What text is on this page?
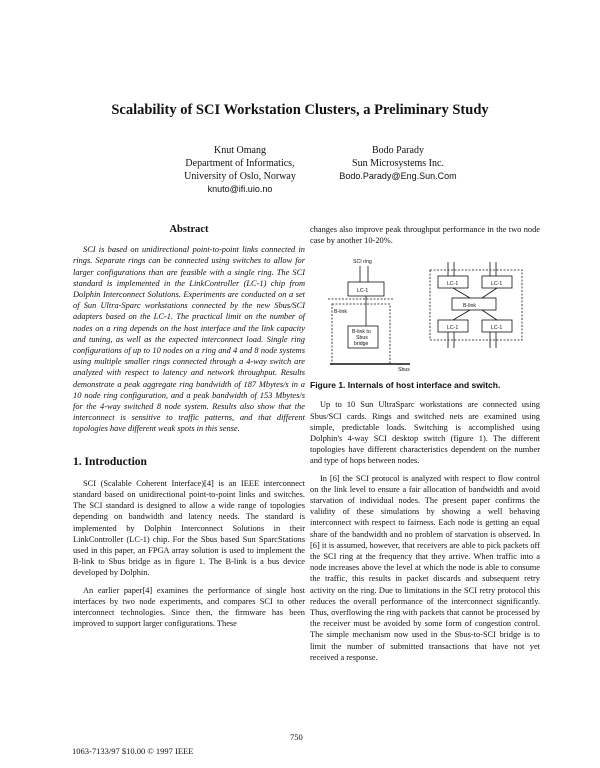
Scalability of SCI Workstation Clusters, a Preliminary Study
Knut Omang
Department of Informatics,
University of Oslo, Norway
knuto@ifi.uio.no
Bodo Parady
Sun Microsystems Inc.
Bodo.Parady@Eng.Sun.Com
Abstract

SCI is based on unidirectional point-to-point links connected in rings. Separate rings can be connected using switches to allow for larger configurations than are feasible with a single ring. The SCI standard is implemented in the LinkController (LC-1) chip from Dolphin Interconnect Solutions. Experiments are conducted on a set of Sun Ultra-Sparc workstations connected by the new Sbus/SCI adapters based on the LC-1. The practical limit on the number of nodes on a ring depends on the host interface and the link capacity and tuning, as well as the expected interconnect load. Single ring configurations of up to 10 nodes on a ring and 4 and 8 node systems using multiple smaller rings connected through a 4-way switch are analyzed with respect to latency and network throughput. Results demonstrate a peak aggregate ring bandwidth of 187 Mbytes/s in a 10 node ring configuration, and a peak bandwidth of 153 Mbytes/s for the 4-way switched 8 node system. Results also show that the interconnect is sensitive to traffic patterns, and that different topologies have different weak spots in this sense.

1. Introduction

SCI (Scalable Coherent Interface)[4] is an IEEE interconnect standard based on unidirectional point-to-point links and switches. The SCI standard is designed to allow a wide range of topologies depending on bandwidth and latency needs. The standard is implemented by Dolphin Interconnect Solutions in their LinkController (LC-1) chip. For the Sbus based Sun SparcStations used in this paper, an FPGA array solution is used to implement the B-link to Sbus bridge as in figure 1. The B-link is a bus device developed by Dolphin.

An earlier paper[4] examines the performance of single host interfaces by two node experiments, and compares SCI to other interconnect technologies. Since then, the firmware has been improved to support larger configurations. These

changes also improve peak throughput performance in the two node case by another 10-20%.

SCI ring
LC-1
B-link
B-link to
Sbus
bridge
Sbus
LC-1	LC-1
B-link
LC-1	LC-1
Figure 1. Internals of host interface and switch.

Up to 10 Sun UltraSparc workstations are connected using Sbus/SCI cards. Rings and switched nets are examined using simple, predictable loads. Switching is accomplished using Dolphin's 4-way SCI desktop switch (figure 1). The different topologies have different characteristics dependent on the number and type of hops between nodes.

In [6] the SCI protocol is analyzed with respect to flow control on the link level to ensure a fair allocation of bandwidth and avoid starvation of individual nodes. The present paper confirms the validity of these simulations by showing a well behaving interconnect with respect to fairness. Each node is getting an equal share of the bandwidth and no problem of starvation is observed. In [6] it is assumed, however, that receivers are able to pick packets off the SCI ring at the frequency that they arrive. When traffic into a node increases above the level at which the node is able to consume the traffic, this results in packet discards and subsequent retry activity on the ring. Due to limitations in the SCI retry protocol this reduces the overall performance of the interconnect significantly. Thus, overflowing the ring with packets that cannot be processed by the receiver must be avoided by some form of congestion control. The simple mechanism now used in the Sbus-to-SCI bridge is to limit the number of submitted transactions that have not yet received a response.

750
1063-7133/97 $10.00 © 1997 IEEE
